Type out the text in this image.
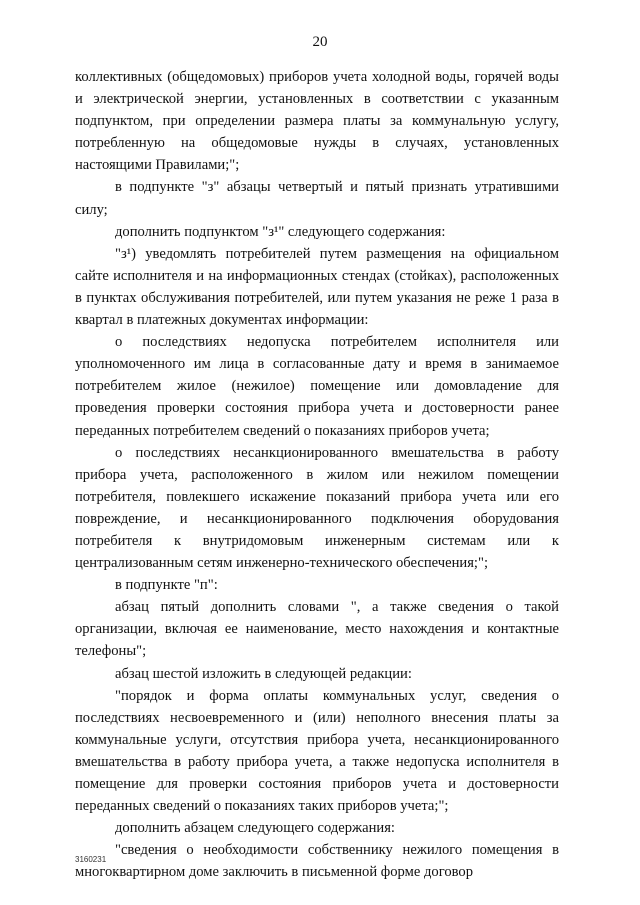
20

коллективных (общедомовых) приборов учета холодной воды, горячей воды и электрической энергии, установленных в соответствии с указанным подпунктом, при определении размера платы за коммунальную услугу, потребленную на общедомовые нужды в случаях, установленных настоящими Правилами;";

в подпункте "з" абзацы четвертый и пятый признать утратившими силу;

дополнить подпунктом "з¹" следующего содержания:

"з¹) уведомлять потребителей путем размещения на официальном сайте исполнителя и на информационных стендах (стойках), расположенных в пунктах обслуживания потребителей, или путем указания не реже 1 раза в квартал в платежных документах информации:

о последствиях недопуска потребителем исполнителя или уполномоченного им лица в согласованные дату и время в занимаемое потребителем жилое (нежилое) помещение или домовладение для проведения проверки состояния прибора учета и достоверности ранее переданных потребителем сведений о показаниях приборов учета;

о последствиях несанкционированного вмешательства в работу прибора учета, расположенного в жилом или нежилом помещении потребителя, повлекшего искажение показаний прибора учета или его повреждение, и несанкционированного подключения оборудования потребителя к внутридомовым инженерным системам или к централизованным сетям инженерно-технического обеспечения;";

в подпункте "п":

абзац пятый дополнить словами ", а также сведения о такой организации, включая ее наименование, место нахождения и контактные телефоны";

абзац шестой изложить в следующей редакции:

"порядок и форма оплаты коммунальных услуг, сведения о последствиях несвоевременного и (или) неполного внесения платы за коммунальные услуги, отсутствия прибора учета, несанкционированного вмешательства в работу прибора учета, а также недопуска исполнителя в помещение для проверки состояния приборов учета и достоверности переданных сведений о показаниях таких приборов учета;";

дополнить абзацем следующего содержания:

"сведения о необходимости собственнику нежилого помещения в многоквартирном доме заключить в письменной форме договор

3160231
